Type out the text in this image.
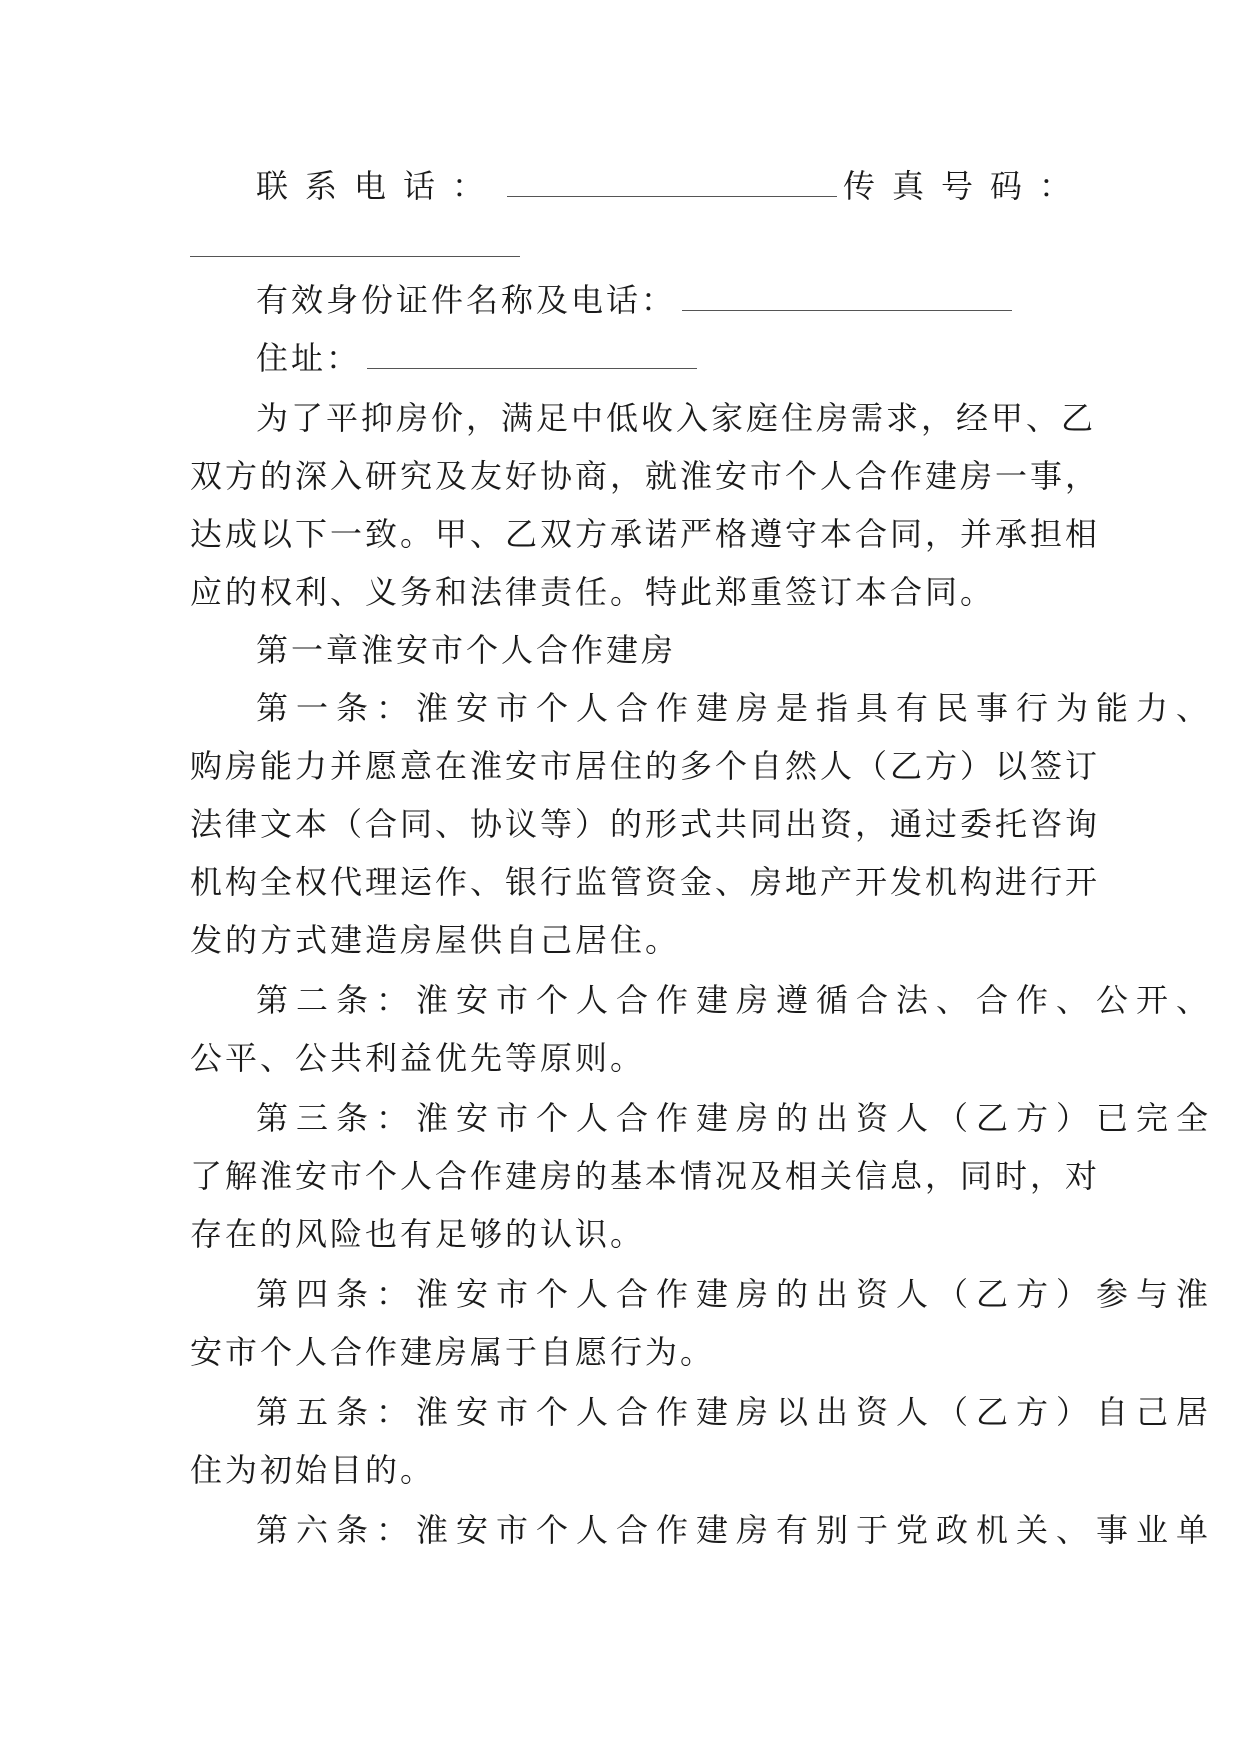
联系电话：	传真号码：
有效身份证件名称及电话：
住址：
为了平抑房价，满足中低收入家庭住房需求，经甲、乙
双方的深入研究及友好协商，就淮安市个人合作建房一事，
达成以下一致。甲、乙双方承诺严格遵守本合同，并承担相
应的权利、义务和法律责任。特此郑重签订本合同。
第一章淮安市个人合作建房
第一条：淮安市个人合作建房是指具有民事行为能力、
购房能力并愿意在淮安市居住的多个自然人（乙方）以签订
法律文本（合同、协议等）的形式共同出资，通过委托咨询
机构全权代理运作、银行监管资金、房地产开发机构进行开
发的方式建造房屋供自己居住。
第二条：淮安市个人合作建房遵循合法、合作、公开、
公平、公共利益优先等原则。
第三条：淮安市个人合作建房的出资人（乙方）已完全
了解淮安市个人合作建房的基本情况及相关信息，同时，对
存在的风险也有足够的认识。
第四条：淮安市个人合作建房的出资人（乙方）参与淮
安市个人合作建房属于自愿行为。
第五条：淮安市个人合作建房以出资人（乙方）自己居
住为初始目的。
第六条：淮安市个人合作建房有别于党政机关、事业单
